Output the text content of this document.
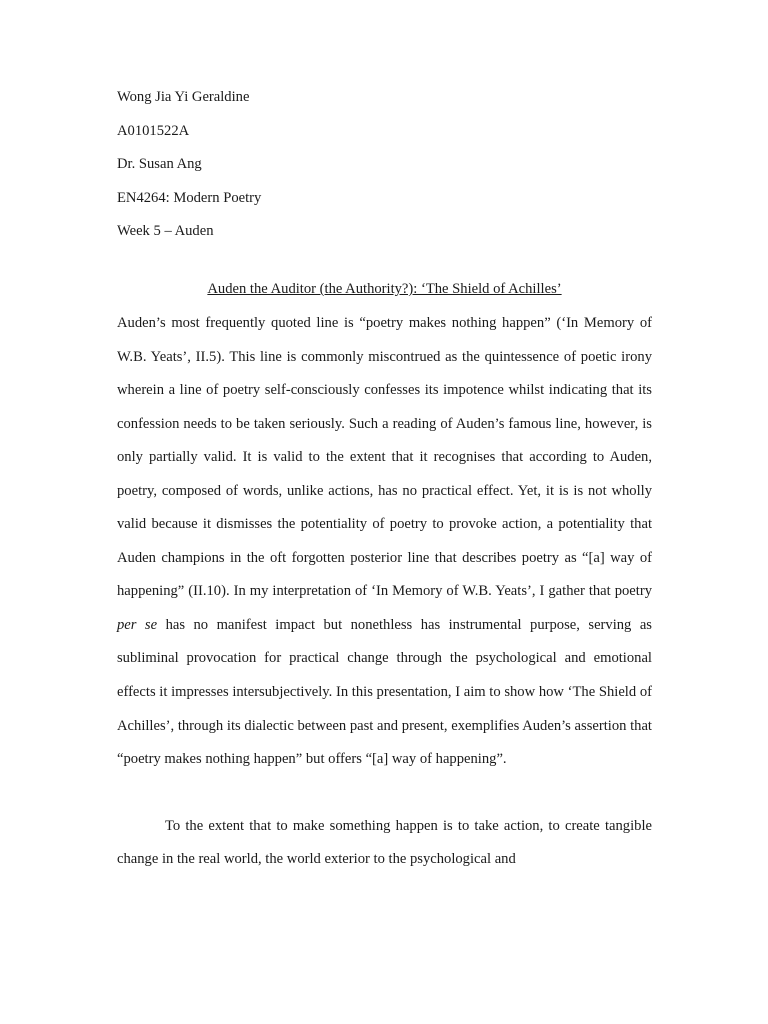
Wong Jia Yi Geraldine
A0101522A
Dr. Susan Ang
EN4264: Modern Poetry
Week 5 – Auden
Auden the Auditor (the Authority?): ‘The Shield of Achilles’

Auden’s most frequently quoted line is “poetry makes nothing happen” (‘In Memory of W.B. Yeats’, II.5). This line is commonly miscontrued as the quintessence of poetic irony wherein a line of poetry self-consciously confesses its impotence whilst indicating that its confession needs to be taken seriously. Such a reading of Auden’s famous line, however, is only partially valid. It is valid to the extent that it recognises that according to Auden, poetry, composed of words, unlike actions, has no practical effect. Yet, it is is not wholly valid because it dismisses the potentiality of poetry to provoke action, a potentiality that Auden champions in the oft forgotten posterior line that describes poetry as “[a] way of happening” (II.10). In my interpretation of ‘In Memory of W.B. Yeats’, I gather that poetry per se has no manifest impact but nonethless has instrumental purpose, serving as subliminal provocation for practical change through the psychological and emotional effects it impresses intersubjectively. In this presentation, I aim to show how ‘The Shield of Achilles’, through its dialectic between past and present, exemplifies Auden’s assertion that “poetry makes nothing happen” but offers “[a] way of happening”.

To the extent that to make something happen is to take action, to create tangible change in the real world, the world exterior to the psychological and
